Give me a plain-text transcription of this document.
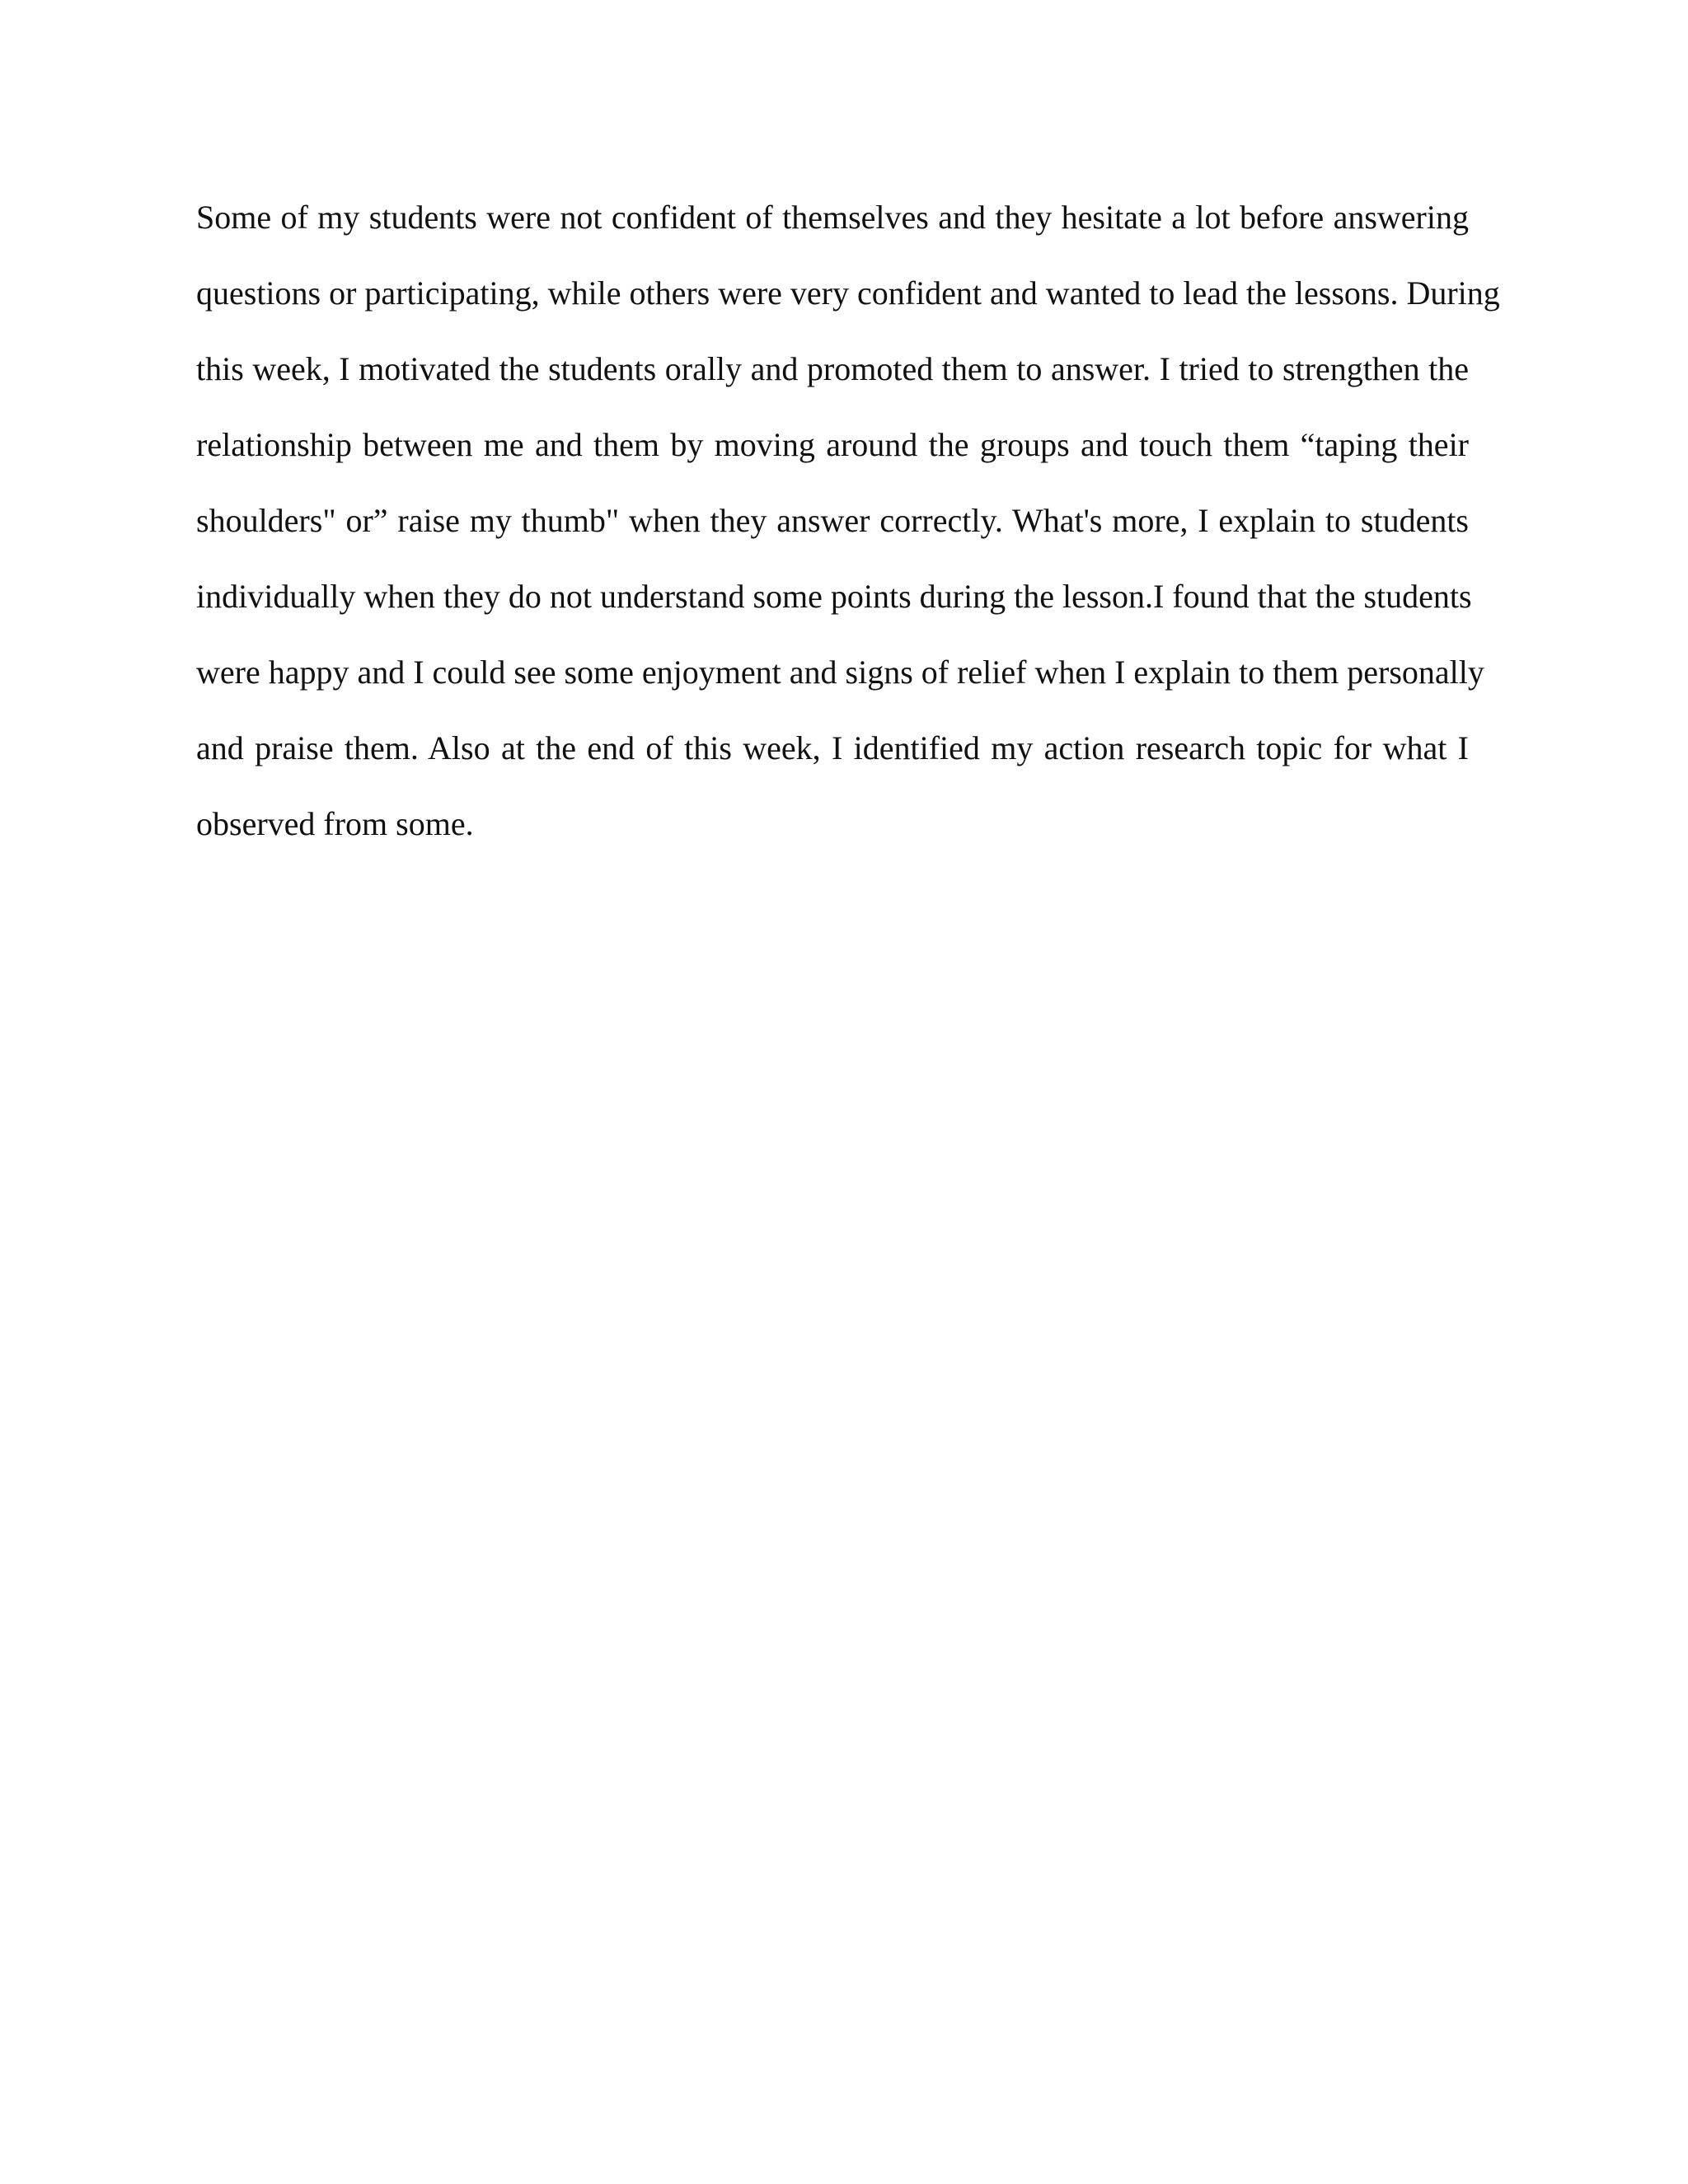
Some of my students were not confident of themselves and they hesitate a lot before answering
questions or participating, while others were very confident and wanted to lead the lessons. During
this week, I motivated the students orally and promoted them to answer. I tried to strengthen the
relationship between me and them by moving around the groups and touch them “taping their
shoulders" or” raise my thumb" when they answer correctly. What's more, I explain to students
individually when they do not understand some points during the lesson.I found that the students
were happy and I could see some enjoyment and signs of relief when I explain to them personally
and praise them. Also at the end of this week, I identified my action research topic for what I
observed from some.
